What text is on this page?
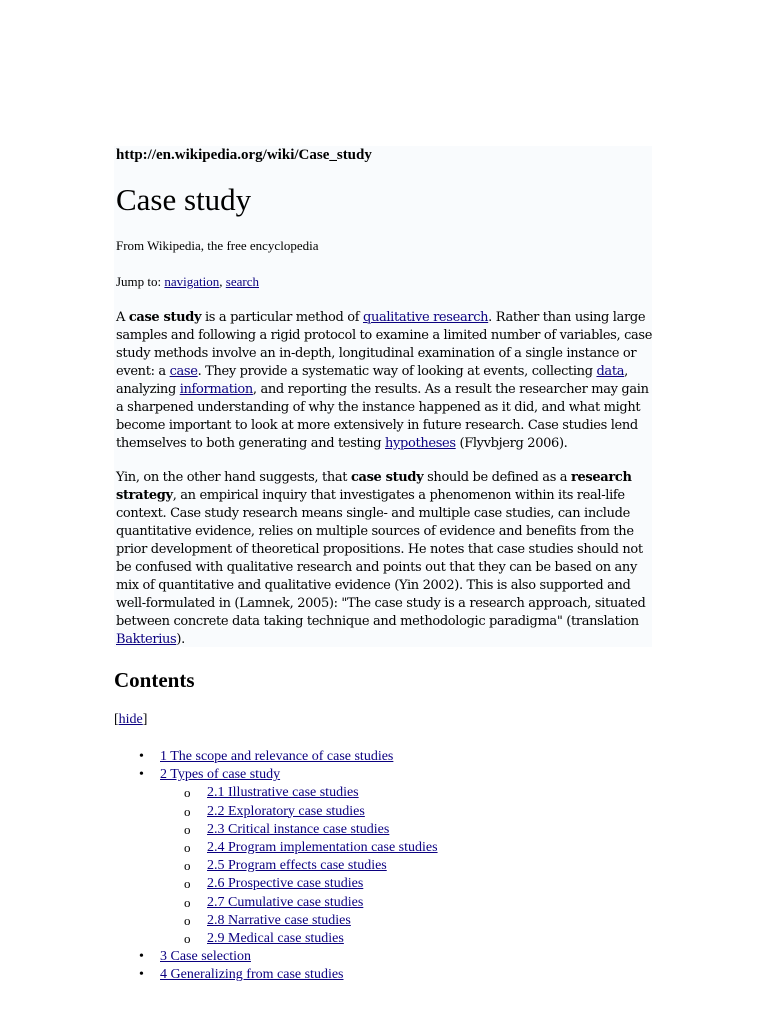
http://en.wikipedia.org/wiki/Case_study

Case study

From Wikipedia, the free encyclopedia

Jump to: navigation, search

A case study is a particular method of qualitative research. Rather than using large samples and following a rigid protocol to examine a limited number of variables, case study methods involve an in-depth, longitudinal examination of a single instance or event: a case. They provide a systematic way of looking at events, collecting data, analyzing information, and reporting the results. As a result the researcher may gain a sharpened understanding of why the instance happened as it did, and what might become important to look at more extensively in future research. Case studies lend themselves to both generating and testing hypotheses (Flyvbjerg 2006).

Yin, on the other hand suggests, that case study should be defined as a research strategy, an empirical inquiry that investigates a phenomenon within its real-life context. Case study research means single- and multiple case studies, can include quantitative evidence, relies on multiple sources of evidence and benefits from the prior development of theoretical propositions. He notes that case studies should not be confused with qualitative research and points out that they can be based on any mix of quantitative and qualitative evidence (Yin 2002). This is also supported and well-formulated in (Lamnek, 2005): "The case study is a research approach, situated between concrete data taking technique and methodologic paradigma" (translation Bakterius).

Contents

[hide]

• 1 The scope and relevance of case studies
• 2 Types of case study
o 2.1 Illustrative case studies
o 2.2 Exploratory case studies
o 2.3 Critical instance case studies
o 2.4 Program implementation case studies
o 2.5 Program effects case studies
o 2.6 Prospective case studies
o 2.7 Cumulative case studies
o 2.8 Narrative case studies
o 2.9 Medical case studies
• 3 Case selection
• 4 Generalizing from case studies
